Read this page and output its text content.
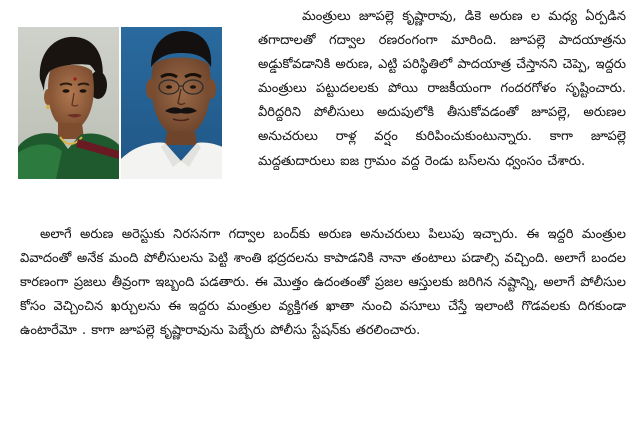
మంత్రులు జూపల్లె కృష్ణారావు, డికె అరుణ ల మధ్య ఏర్పడిన తగాదాలతో గద్వాల రణరంగంగా మారింది. జూపల్లె పాదయాత్రను అడ్డుకోవడానికి అరుణ, ఎట్టి పరిస్థితిలో పాదయాత్ర చేస్తానని చెప్పె, ఇద్దరు మంత్రులు పట్టుదలలకు పోయి రాజకీయంగా గందరగోళం సృష్టించారు. వీరిద్దరిని పోలీసులు అదుపులోకి తీసుకోవడంతో జూపల్లె, అరుణల అనుచరులు రాళ్ల వర్షం కురిపించుకుంటున్నారు. కాగా జూపల్లె మద్దతుదారులు ఐజ గ్రామం వద్ద రెండు బస్‌లను ధ్వంసం చేశారు.

అలాగే అరుణ అరెస్టుకు నిరసనగా గద్వాల బంద్‌కు అరుణ అనుచరులు పిలుపు ఇచ్చారు. ఈ ఇద్దరి మంత్రుల వివాదంతో అనేక మంది పోలీసులను పెట్టి శాంతి భద్రదలను కాపాడనికి నానా తంటాలు పడాల్సి వచ్చింది. అలాగే బందల కారణంగా ప్రజలు తీవ్రంగా ఇబ్బంది పడతారు. ఈ మొత్తం ఉదంతంతో ప్రజల ఆస్తులకు జరిగిన నష్టాన్ని, అలాగే పోలీసుల కోసం వెచ్చించిన ఖర్చులను ఈ ఇద్దరు మంత్రుల వ్యక్తిగత ఖాతా నుంచి వసూలు చేస్తే ఇలాంటి గొడవలకు దిగకుండా ఉంటారేమో . కాగా జూపల్లె కృష్ణారావును పెబ్బేరు పోలీసు స్టేషన్‌కు తరలించారు.
